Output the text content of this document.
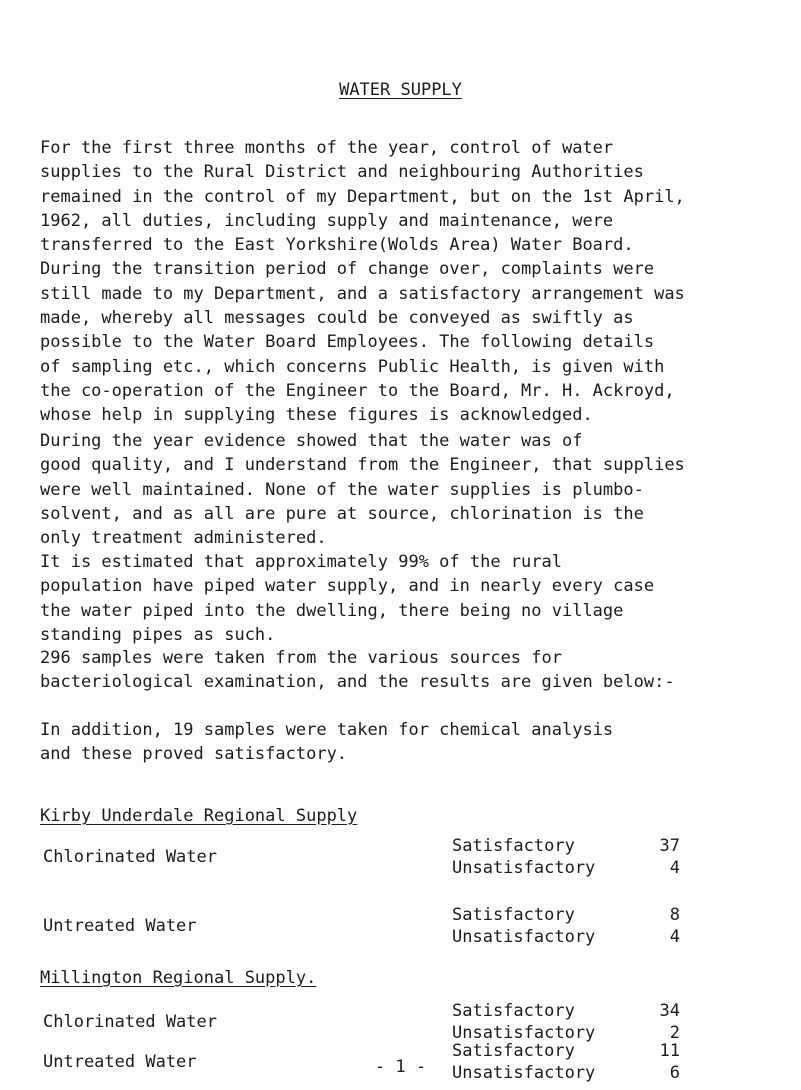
WATER SUPPLY

For the first three months of the year, control of water
supplies to the Rural District and neighbouring Authorities
remained in the control of my Department, but on the 1st April,
1962, all duties, including supply and maintenance, were
transferred to the East Yorkshire(Wolds Area) Water Board.
During the transition period of change over, complaints were
still made to my Department, and a satisfactory arrangement was
made, whereby all messages could be conveyed as swiftly as
possible to the Water Board Employees. The following details
of sampling etc., which concerns Public Health, is given with
the co-operation of the Engineer to the Board, Mr. H. Ackroyd,
whose help in supplying these figures is acknowledged.

During the year evidence showed that the water was of
good quality, and I understand from the Engineer, that supplies
were well maintained. None of the water supplies is plumbo-
solvent, and as all are pure at source, chlorination is the
only treatment administered.

It is estimated that approximately 99% of the rural
population have piped water supply, and in nearly every case
the water piped into the dwelling, there being no village
standing pipes as such.

296 samples were taken from the various sources for
bacteriological examination, and the results are given below:-

In addition, 19 samples were taken for chemical analysis
and these proved satisfactory.

Kirby Underdale Regional Supply
Chlorinated Water
Satisfactory
Unsatisfactory
37
4
Untreated Water
Satisfactory
Unsatisfactory
8
4
Millington Regional Supply.
Chlorinated Water
Satisfactory
Unsatisfactory
34
2
Untreated Water
Satisfactory
Unsatisfactory
11
6
- 1 -
